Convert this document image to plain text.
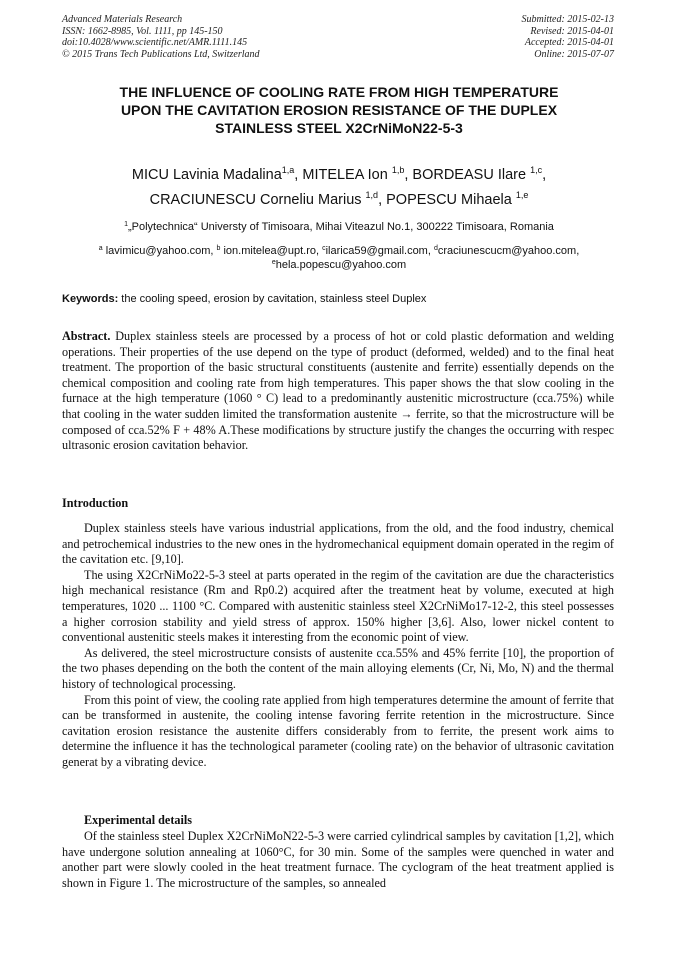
Advanced Materials Research
ISSN: 1662-8985, Vol. 1111, pp 145-150
doi:10.4028/www.scientific.net/AMR.1111.145
© 2015 Trans Tech Publications Ltd, Switzerland
Submitted: 2015-02-13
Revised: 2015-04-01
Accepted: 2015-04-01
Online: 2015-07-07
THE INFLUENCE OF COOLING RATE FROM HIGH TEMPERATURE
UPON THE CAVITATION EROSION RESISTANCE OF THE DUPLEX
STAINLESS STEEL X2CrNiMoN22-5-3
MICU Lavinia Madalina$^{1,a}$, MITELEA Ion $^{1,b}$, BORDEASU Ilare $^{1,c}$,
CRACIUNESCU Corneliu Marius $^{1,d}$, POPESCU Mihaela $^{1,e}$
$^1$„Polytechnica“ Universty of Timisoara, Mihai Viteazul No.1, 300222 Timisoara, Romania
$^a$ lavimicu@yahoo.com, $^b$ ion.mitelea@upt.ro, $^c$ilarica59@gmail.com, $^d$craciunescucm@yahoo.com,
$^e$hela.popescu@yahoo.com
Keywords: the cooling speed, erosion by cavitation, stainless steel Duplex
Abstract. Duplex stainless steels are processed by a process of hot or cold plastic deformation and welding operations. Their properties of the use depend on the type of product (deformed, welded) and to the final heat treatment. The proportion of the basic structural constituents (austenite and ferrite) essentially depends on the chemical composition and cooling rate from high temperatures. This paper shows the that slow cooling in the furnace at the high temperature (1060 ° C) lead to a predominantly austenitic microstructure (cca.75%) while that cooling in the water sudden limited the transformation austenite → ferrite, so that the microstructure will be composed of cca.52% F + 48% A.These modifications by structure justify the changes the occurring with respec ultrasonic erosion cavitation behavior.
Introduction

Duplex stainless steels have various industrial applications, from the old, and the food industry, chemical and petrochemical industries to the new ones in the hydromechanical equipment domain operated in the regim of the cavitation etc. [9,10].

The using X2CrNiMo22-5-3 steel at parts operated in the regim of the cavitation are due the characteristics high mechanical resistance (Rm and Rp0.2) acquired after the treatment heat by volume, executed at high temperatures, 1020 ... 1100 °C. Compared with austenitic stainless steel X2CrNiMo17-12-2, this steel possesses a higher corrosion stability and yield stress of approx. 150% higher [3,6]. Also, lower nickel content to conventional austenitic steels makes it interesting from the economic point of view.

As delivered, the steel microstructure consists of austenite cca.55% and 45% ferrite [10], the proportion of the two phases depending on the both the content of the main alloying elements (Cr, Ni, Mo, N) and the thermal history of technological processing.

From this point of view, the cooling rate applied from high temperatures determine the amount of ferrite that can be transformed in austenite, the cooling intense favoring ferrite retention in the microstructure. Since cavitation erosion resistance the austenite differs considerably from to ferrite, the present work aims to determine the influence it has the technological parameter (cooling rate) on the behavior of ultrasonic cavitation generat by a vibrating device.

Experimental details

Of the stainless steel Duplex X2CrNiMoN22-5-3 were carried cylindrical samples by cavitation [1,2], which have undergone solution annealing at 1060°C, for 30 min. Some of the samples were quenched in water and another part were slowly cooled in the heat treatment furnace. The cyclogram of the heat treatment applied is shown in Figure 1. The microstructure of the samples, so annealed
